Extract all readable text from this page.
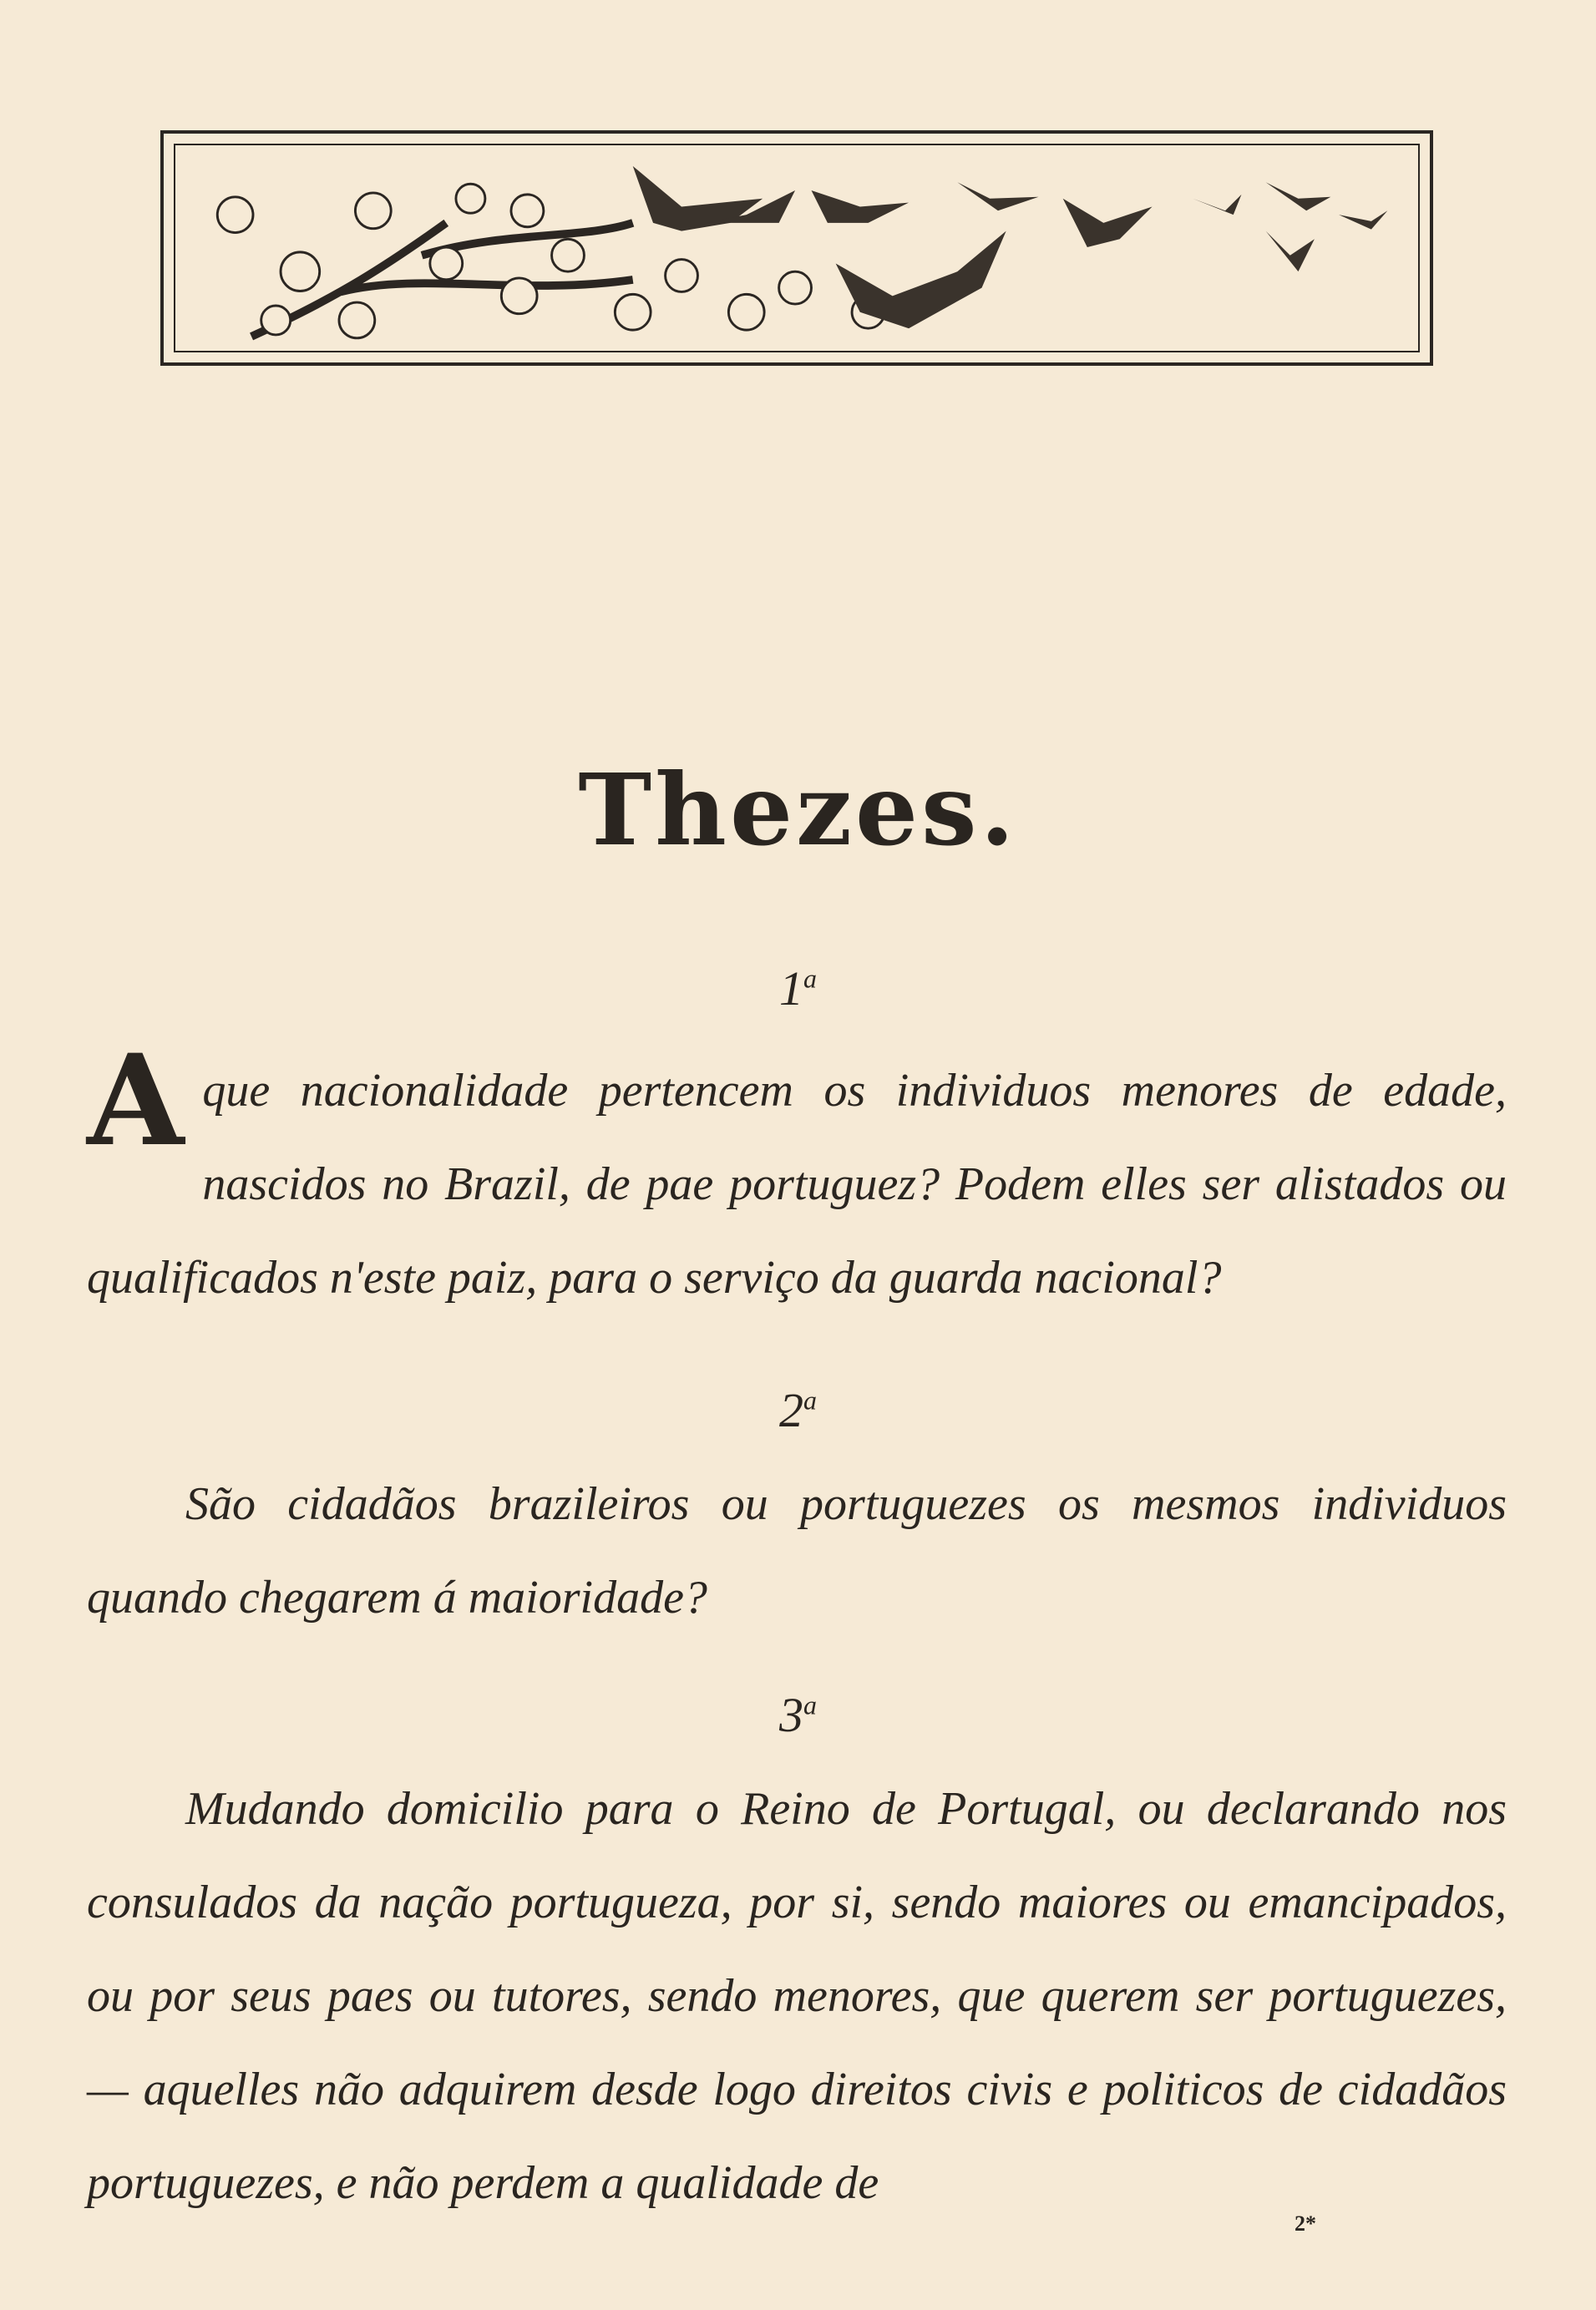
Thezes.
1$^a$
Aque nacionalidade pertencem os individuos menores de edade, nascidos no Brazil, de pae portuguez? Podem elles ser alistados ou qualificados n'este paiz, para o serviço da guarda nacional?
2$^a$
São cidadãos brazileiros ou portuguezes os mesmos individuos quando chegarem á maioridade?
3$^a$
Mudando domicilio para o Reino de Portugal, ou declarando nos consulados da nação portugueza, por si, sendo maiores ou emancipados, ou por seus paes ou tutores, sendo menores, que querem ser portuguezes, — aquelles não adquirem desde logo direitos civis e politicos de cidadãos portuguezes, e não perdem a qualidade de
2*
